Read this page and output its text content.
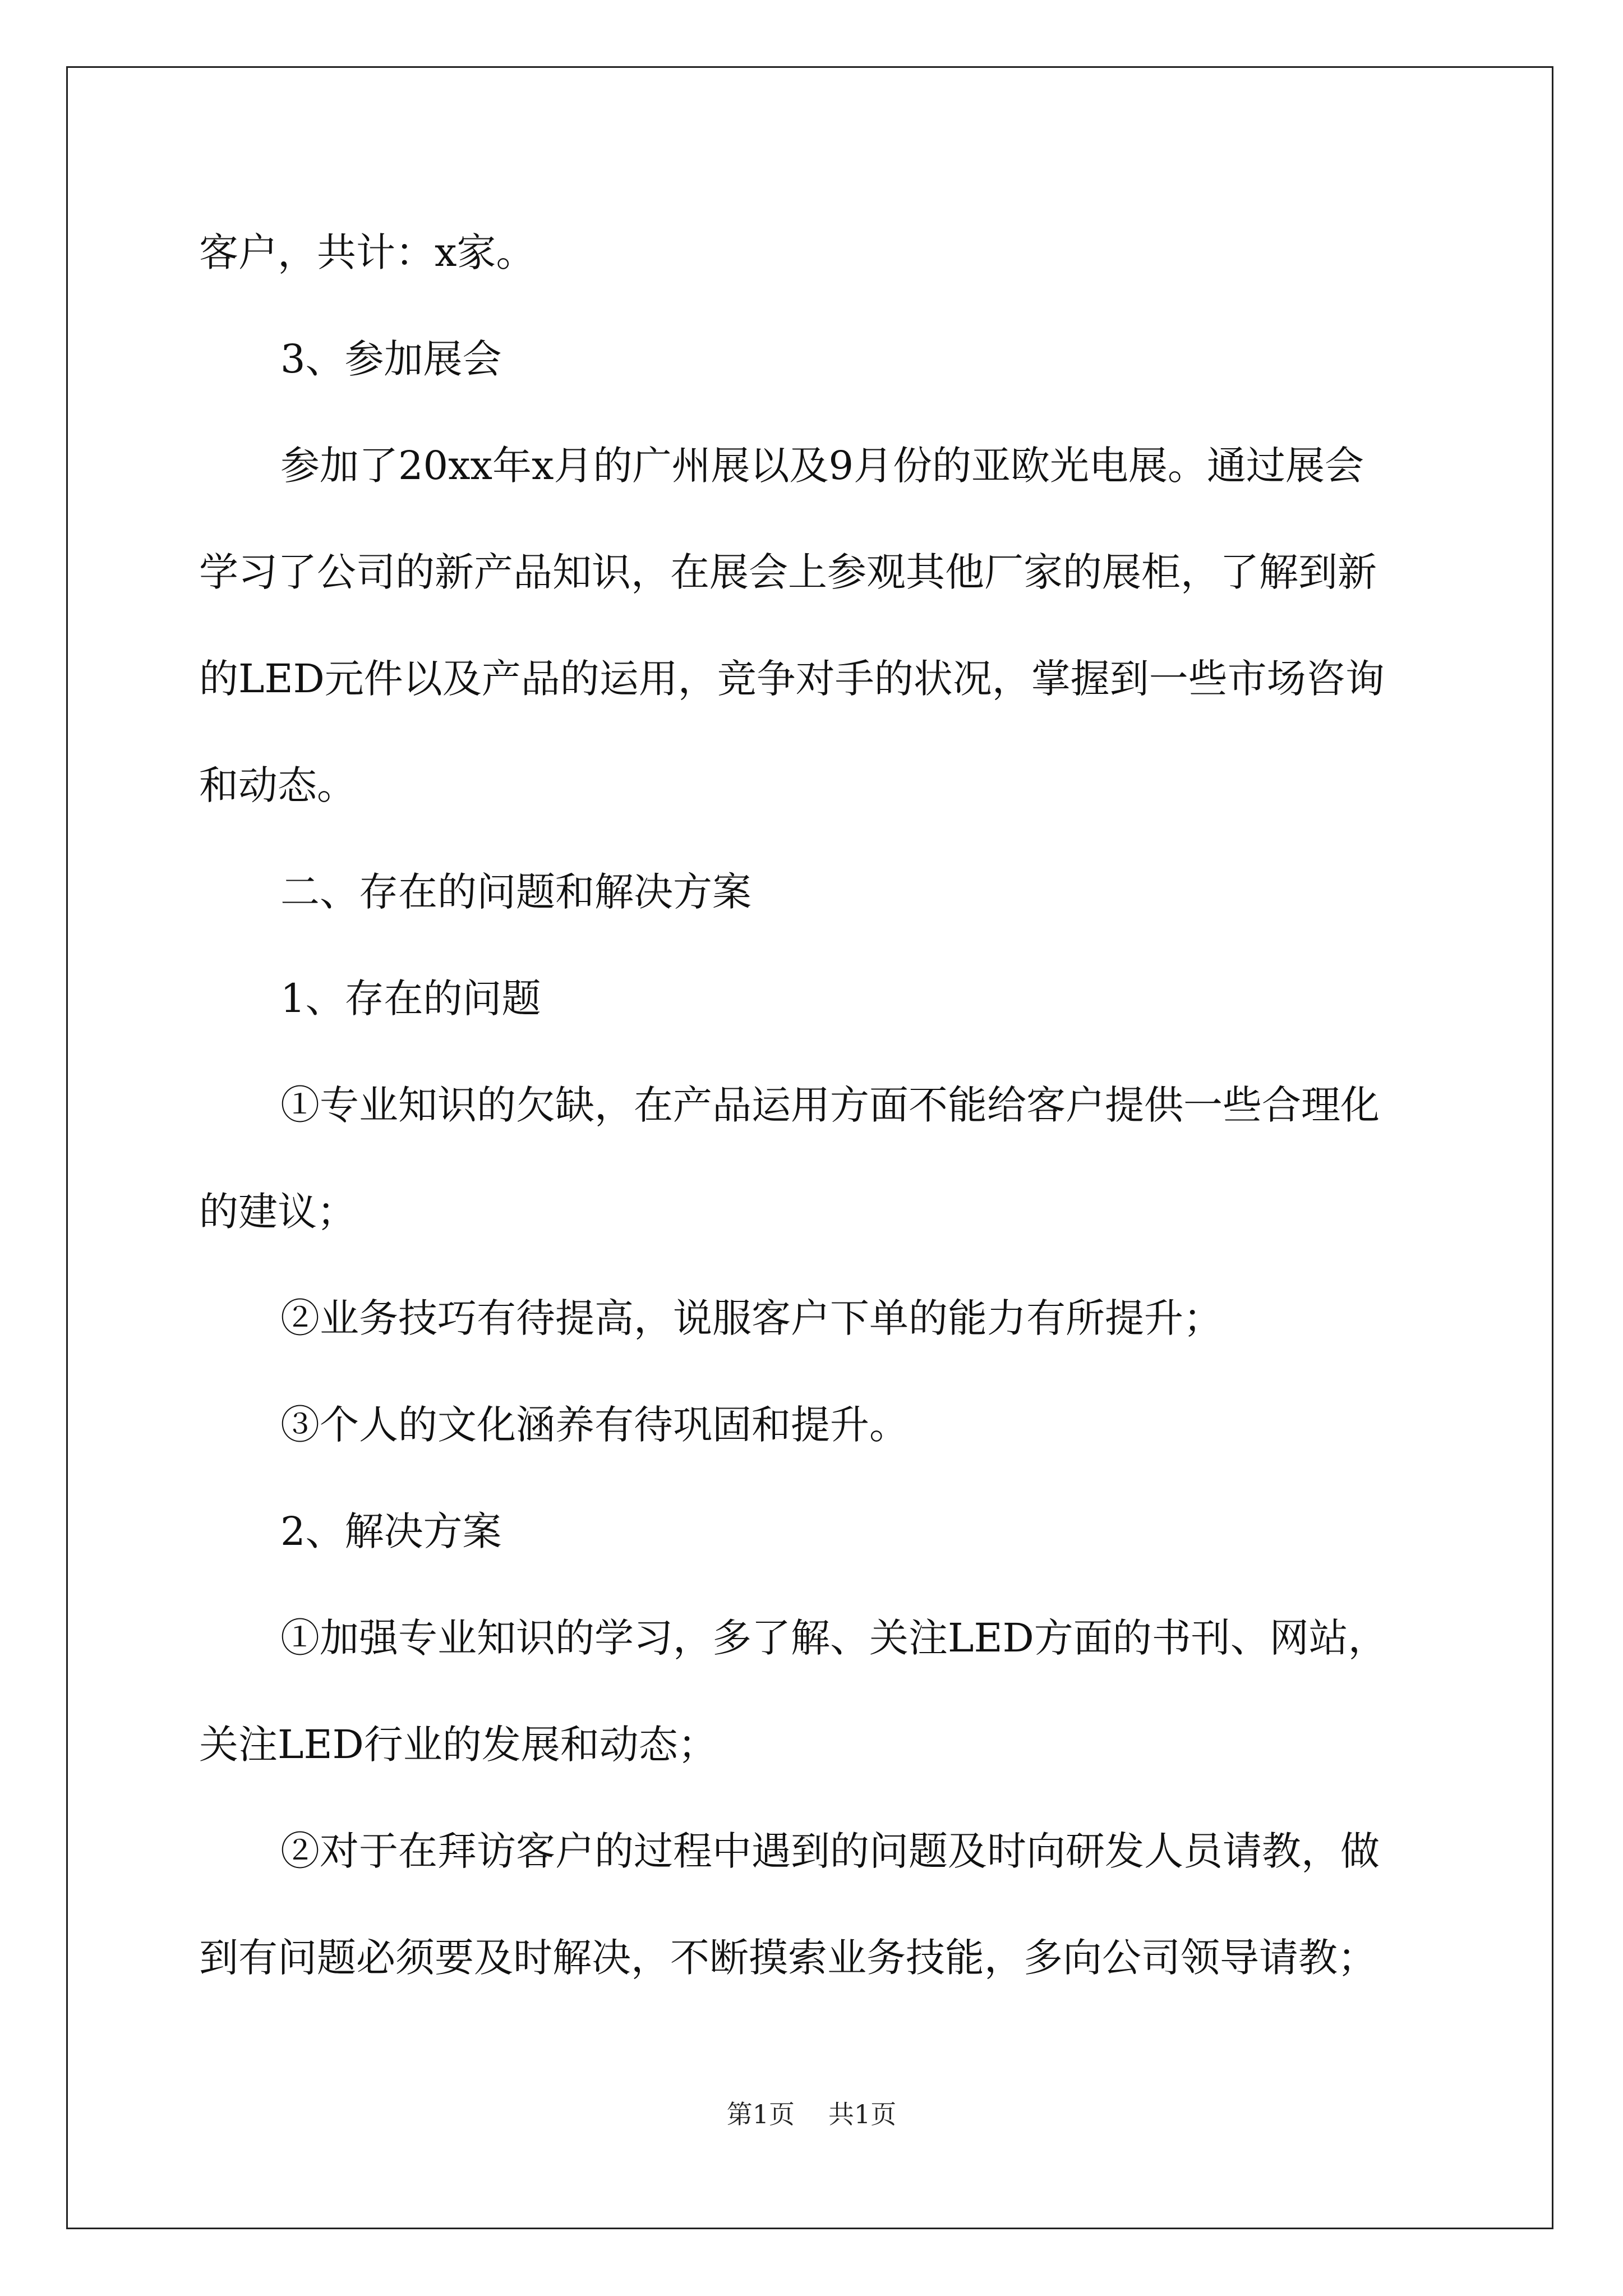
客户，共计：x家。
3、参加展会
参加了20xx年x月的广州展以及9月份的亚欧光电展。通过展会
学习了公司的新产品知识，在展会上参观其他厂家的展柜，了解到新
的LED元件以及产品的运用，竞争对手的状况，掌握到一些市场咨询
和动态。
二、存在的问题和解决方案
1、存在的问题
①专业知识的欠缺，在产品运用方面不能给客户提供一些合理化
的建议；
②业务技巧有待提高，说服客户下单的能力有所提升；
③个人的文化涵养有待巩固和提升。
2、解决方案
①加强专业知识的学习，多了解、关注LED方面的书刊、网站，
关注LED行业的发展和动态；
②对于在拜访客户的过程中遇到的问题及时向研发人员请教，做
到有问题必须要及时解决，不断摸索业务技能，多向公司领导请教；
第1页 共1页
